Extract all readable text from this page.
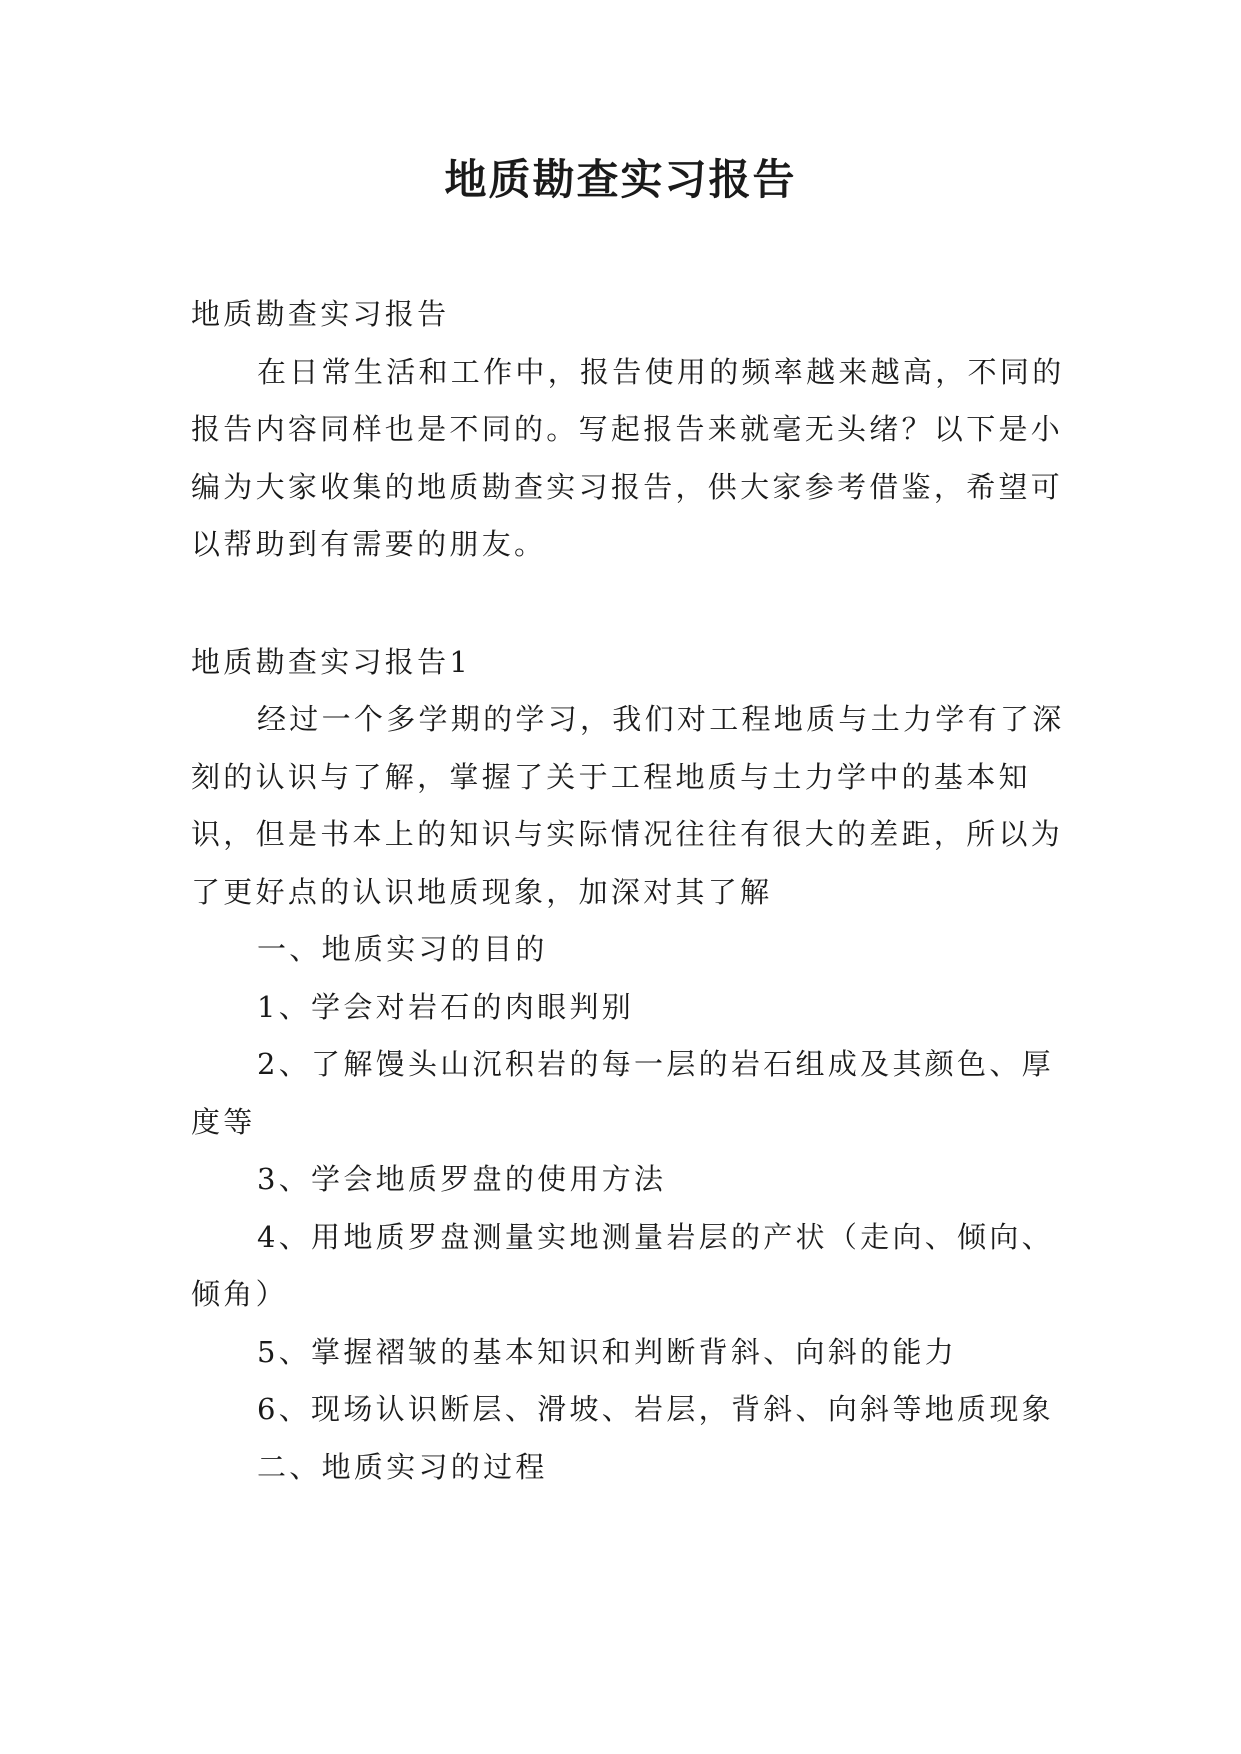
地质勘查实习报告

地质勘查实习报告

在日常生活和工作中，报告使用的频率越来越高，不同的报告内容同样也是不同的。写起报告来就毫无头绪？以下是小编为大家收集的地质勘查实习报告，供大家参考借鉴，希望可以帮助到有需要的朋友。

地质勘查实习报告1

经过一个多学期的学习，我们对工程地质与土力学有了深刻的认识与了解，掌握了关于工程地质与土力学中的基本知识，但是书本上的知识与实际情况往往有很大的差距，所以为了更好点的认识地质现象，加深对其了解

一、地质实习的目的

1、学会对岩石的肉眼判别

2、了解馒头山沉积岩的每一层的岩石组成及其颜色、厚度等

3、学会地质罗盘的使用方法

4、用地质罗盘测量实地测量岩层的产状（走向、倾向、倾角）

5、掌握褶皱的基本知识和判断背斜、向斜的能力

6、现场认识断层、滑坡、岩层，背斜、向斜等地质现象

二、地质实习的过程
